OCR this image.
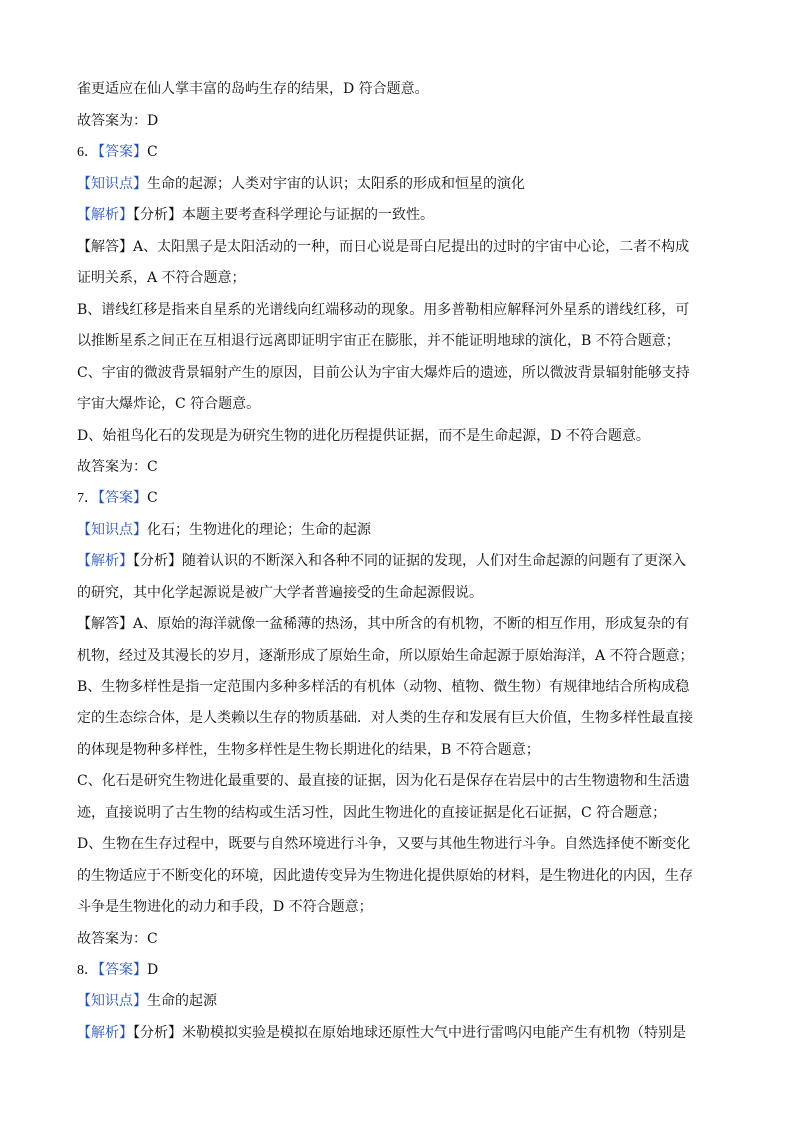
雀更适应在仙人掌丰富的岛屿生存的结果，D 符合题意。
故答案为：D
6．【答案】C
【知识点】生命的起源；人类对宇宙的认识；太阳系的形成和恒星的演化
【解析】【分析】本题主要考查科学理论与证据的一致性。
【解答】A、太阳黑子是太阳活动的一种，而日心说是哥白尼提出的过时的宇宙中心论，二者不构成
证明关系，A 不符合题意；
B、谱线红移是指来自星系的光谱线向红端移动的现象。用多普勒相应解释河外星系的谱线红移，可
以推断星系之间正在互相退行远离即证明宇宙正在膨胀，并不能证明地球的演化，B 不符合题意；
C、宇宙的微波背景辐射产生的原因，目前公认为宇宙大爆炸后的遗迹，所以微波背景辐射能够支持
宇宙大爆炸论，C 符合题意。
D、始祖鸟化石的发现是为研究生物的进化历程提供证据，而不是生命起源，D 不符合题意。
故答案为：C
7．【答案】C
【知识点】化石；生物进化的理论；生命的起源
【解析】【分析】随着认识的不断深入和各种不同的证据的发现，人们对生命起源的问题有了更深入
的研究，其中化学起源说是被广大学者普遍接受的生命起源假说。
【解答】A、原始的海洋就像一盆稀薄的热汤，其中所含的有机物，不断的相互作用，形成复杂的有
机物，经过及其漫长的岁月，逐渐形成了原始生命，所以原始生命起源于原始海洋，A 不符合题意；
B、生物多样性是指一定范围内多种多样活的有机体（动物、植物、微生物）有规律地结合所构成稳
定的生态综合体，是人类赖以生存的物质基础．对人类的生存和发展有巨大价值，生物多样性最直接
的体现是物种多样性，生物多样性是生物长期进化的结果，B 不符合题意；
C、化石是研究生物进化最重要的、最直接的证据，因为化石是保存在岩层中的古生物遗物和生活遗
迹，直接说明了古生物的结构或生活习性，因此生物进化的直接证据是化石证据，C 符合题意；
D、生物在生存过程中，既要与自然环境进行斗争，又要与其他生物进行斗争。自然选择使不断变化
的生物适应于不断变化的环境，因此遗传变异为生物进化提供原始的材料，是生物进化的内因，生存
斗争是生物进化的动力和手段，D 不符合题意；
故答案为：C
8．【答案】D
【知识点】生命的起源
【解析】【分析】米勒模拟实验是模拟在原始地球还原性大气中进行雷鸣闪电能产生有机物（特别是
